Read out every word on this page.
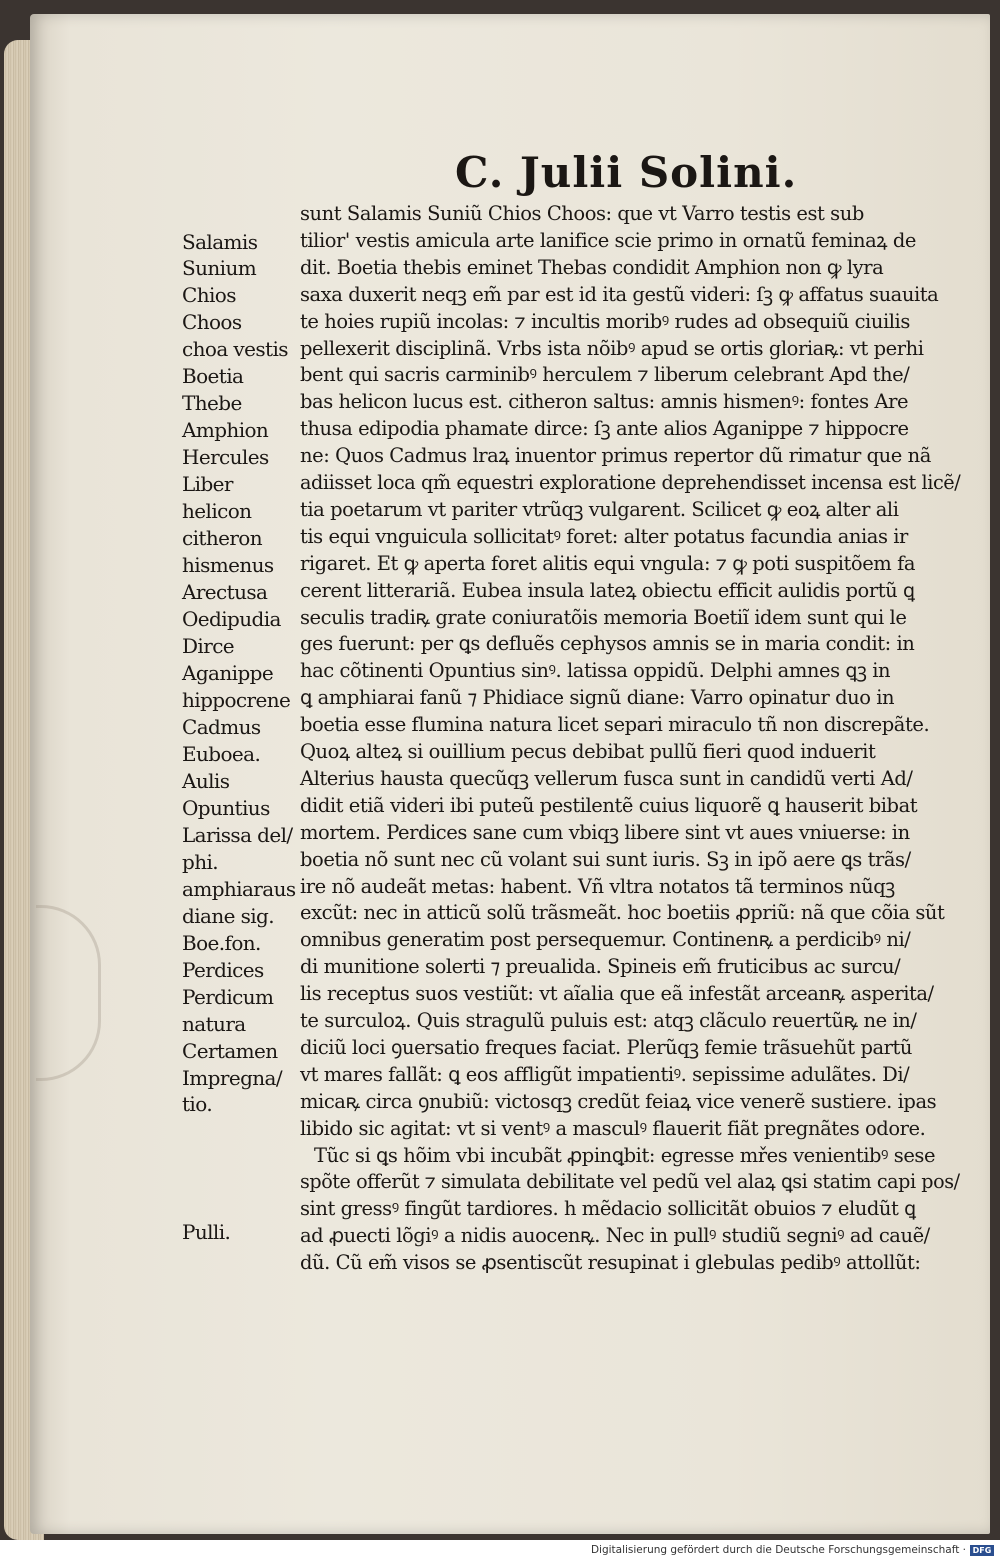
C. Julii Solini.
Salamis
Sunium
Chios
Choos
choa vestis
Boetia
Thebe
Amphion
Hercules
Liber
helicon
citheron
hismenus
Arectusa
Oedipudia
Dirce
Aganippe
hippocrene
Cadmus
Euboea.
Aulis
Opuntius
Larissa del/
phi.
amphiaraus
diane sig.
Boe.fon.
Perdices
Perdicum
natura
Certamen
Impregna/
tio.
Pulli.
sunt Salamis Suniũ Chios Choos: que vt Varro testis est sub
tilior' vestis amicula arte lanifice scie primo in ornatũ feminaꝝ de
dit. Boetia thebis eminet Thebas condidit Amphion non ꝙ lyra
saxa duxerit neqꝫ em̃ par est id ita gestũ videri: ſꝫ ꝙ affatus suauita
te hoies rupiũ incolas: ⁊ incultis moribꝰ rudes ad obsequiũ ciuilis
pellexerit disciplinã. Vrbs ista nõibꝰ apud se ortis gloriaꝶ: vt perhi
bent qui sacris carminibꝰ herculem ⁊ liberum celebrant Apd the/
bas helicon lucus est. citheron saltus: amnis hismenꝰ: fontes Are
thusa edipodia phamate dirce: ſꝫ ante alios Aganippe ⁊ hippocre
ne: Quos Cadmus lraꝝ inuentor primus repertor dũ rimatur que nã
adiisset loca qm̃ equestri exploratione deprehendisset incensa est licẽ/
tia poetarum vt pariter vtrũqꝫ vulgarent. Scilicet ꝙ eoꝝ alter ali
tis equi vnguicula sollicitatꝰ foret: alter potatus facundia anias ir
rigaret. Et ꝙ aperta foret alitis equi vngula: ⁊ ꝙ poti suspitõem fa
cerent litterariã. Eubea insula lateꝝ obiectu efficit aulidis portũ ꝗ
seculis tradiꝶ grate coniuratõis memoria Boetiĩ idem sunt qui le
ges fuerunt: per ꝗs defluẽs cephysos amnis se in maria condit: in
hac cõtinenti Opuntius sinꝰ. latissa oppidũ. Delphi amnes ꝗꝫ in
ꝗ amphiarai fanũ ⁊ Phidiace signũ diane: Varro opinatur duo in
boetia esse flumina natura licet separi miraculo tñ non discrepãte.
Quoꝝ alteꝝ si ouillium pecus debibat pullũ fieri quod induerit
Alterius hausta quecũqꝫ vellerum fusca sunt in candidũ verti Ad/
didit etiã videri ibi puteũ pestilentẽ cuius liquorẽ ꝗ hauserit bibat
mortem. Perdices sane cum vbiqꝫ libere sint vt aues vniuerse: in
boetia nõ sunt nec cũ volant sui sunt iuris. Sꝫ in ipõ aere ꝗs trãs/
ire nõ audeãt metas: habent. Vñ vltra notatos tã terminos nũqꝫ
excũt: nec in atticũ solũ trãsmeãt. hoc boetiis ꝓpriũ: nã que cõia sũt
omnibus generatim post persequemur. Continenꝶ a perdicibꝰ ni/
di munitione solerti ⁊ preualida. Spineis em̃ fruticibus ac surcu/
lis receptus suos vestiũt: vt aĩalia que eã infestãt arceanꝶ asperita/
te surculoꝝ. Quis stragulũ puluis est: atqꝫ clãculo reuertũꝶ ne in/
diciũ loci ꝯuersatio freques faciat. Plerũqꝫ femie trãsuehũt partũ
vt mares fallãt: ꝗ eos affligũt impatientiꝰ. sepissime adulãtes. Di/
micaꝶ circa ꝯnubiũ: victosqꝫ credũt feiaꝝ vice venerẽ sustiere. ipas
libido sic agitat: vt si ventꝰ a masculꝰ flauerit fiãt pregnãtes odore.
Tũc si ꝗs hõim vbi incubãt ꝓpinꝗbit: egresse mřes venientibꝰ sese
spõte offerũt ⁊ simulata debilitate vel pedũ vel alaꝝ ꝗsi statim capi pos/
sint gressꝰ fingũt tardiores. h mẽdacio sollicitãt obuios ⁊ eludũt ꝗ
ad ꝓuecti lõgiꝰ a nidis auocenꝶ. Nec in pullꝰ studiũ segniꝰ ad cauẽ/
dũ. Cũ em̃ visos se ꝓsentiscũt resupinat i glebulas pedibꝰ attollũt:
Digitalisierung gefördert durch die Deutsche Forschungsgemeinschaft · DFG
